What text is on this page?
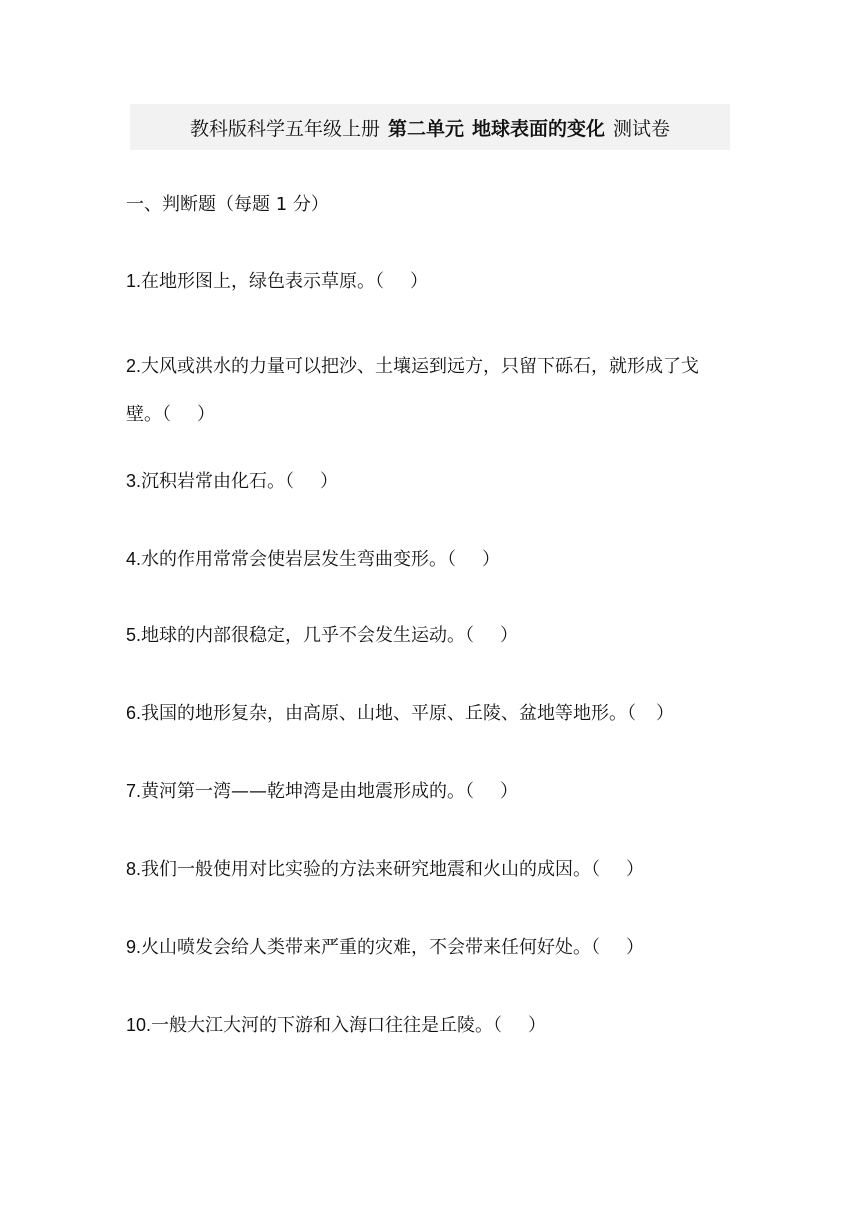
教科版科学五年级上册 第二单元 地球表面的变化 测试卷
一、判断题（每题 1 分）
1.在地形图上，绿色表示草原。（ ）
2.大风或洪水的力量可以把沙、土壤运到远方，只留下砾石，就形成了戈壁。（ ）
3.沉积岩常由化石。（ ）
4.水的作用常常会使岩层发生弯曲变形。（ ）
5.地球的内部很稳定，几乎不会发生运动。（ ）
6.我国的地形复杂，由高原、山地、平原、丘陵、盆地等地形。（ ）
7.黄河第一湾——乾坤湾是由地震形成的。（ ）
8.我们一般使用对比实验的方法来研究地震和火山的成因。（ ）
9.火山喷发会给人类带来严重的灾难，不会带来任何好处。（ ）
10.一般大江大河的下游和入海口往往是丘陵。（ ）
